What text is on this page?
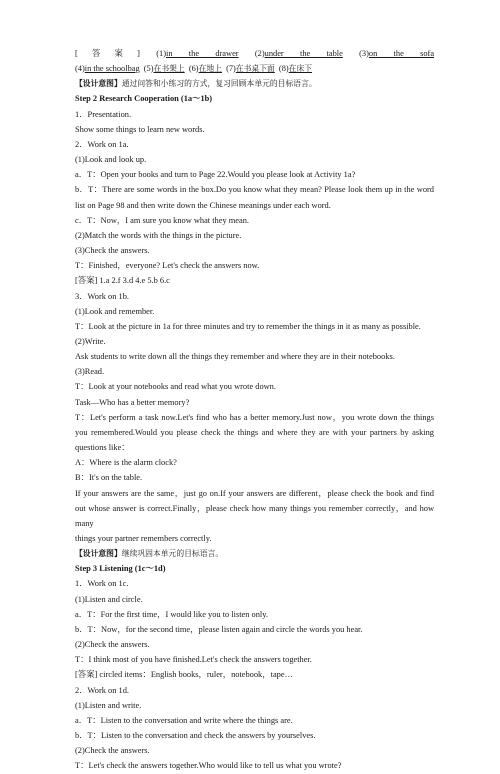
[答案] (1)in the drawer (2)under the table (3)on the sofa
(4)in the schoolbag (5)在书架上 (6)在地上 (7)在书桌下面 (8)在床下
【设计意图】通过问答和小练习的方式，复习回顾本单元的目标语言。
Step 2 Research Cooperation (1a～1b)
1．Presentation.
Show some things to learn new words.
2．Work on 1a.
(1)Look and look up.
a．T：Open your books and turn to Page 22.Would you please look at Activity 1a?
b．T：There are some words in the box.Do you know what they mean? Please look them up in the word
list on Page 98 and then write down the Chinese meanings under each word.
c．T：Now，I am sure you know what they mean.
(2)Match the words with the things in the picture.
(3)Check the answers.
T：Finished，everyone? Let's check the answers now.
[答案] 1.a 2.f 3.d 4.e 5.b 6.c
3．Work on 1b.
(1)Look and remember.
T：Look at the picture in 1a for three minutes and try to remember the things in it as many as possible.
(2)Write.
Ask students to write down all the things they remember and where they are in their notebooks.
(3)Read.
T：Look at your notebooks and read what you wrote down.
Task—Who has a better memory?
T：Let's perform a task now.Let's find who has a better memory.Just now，you wrote down the things
you remembered.Would you please check the things and where they are with your partners by asking
questions like：
A：Where is the alarm clock?
B：It's on the table.
If your answers are the same，just go on.If your answers are different，please check the book and find
out whose answer is correct.Finally，please check how many things you remember correctly，and how many
things your partner remembers correctly.
【设计意图】继续巩固本单元的目标语言。
Step 3 Listening (1c～1d)
1．Work on 1c.
(1)Listen and circle.
a．T：For the first time，I would like you to listen only.
b．T：Now，for the second time，please listen again and circle the words you hear.
(2)Check the answers.
T：I think most of you have finished.Let's check the answers together.
[答案] circled items：English books，ruler，notebook，tape…
2．Work on 1d.
(1)Listen and write.
a．T：Listen to the conversation and write where the things are.
b．T：Listen to the conversation and check the answers by yourselves.
(2)Check the answers.
T：Let's check the answers together.Who would like to tell us what you wrote?
